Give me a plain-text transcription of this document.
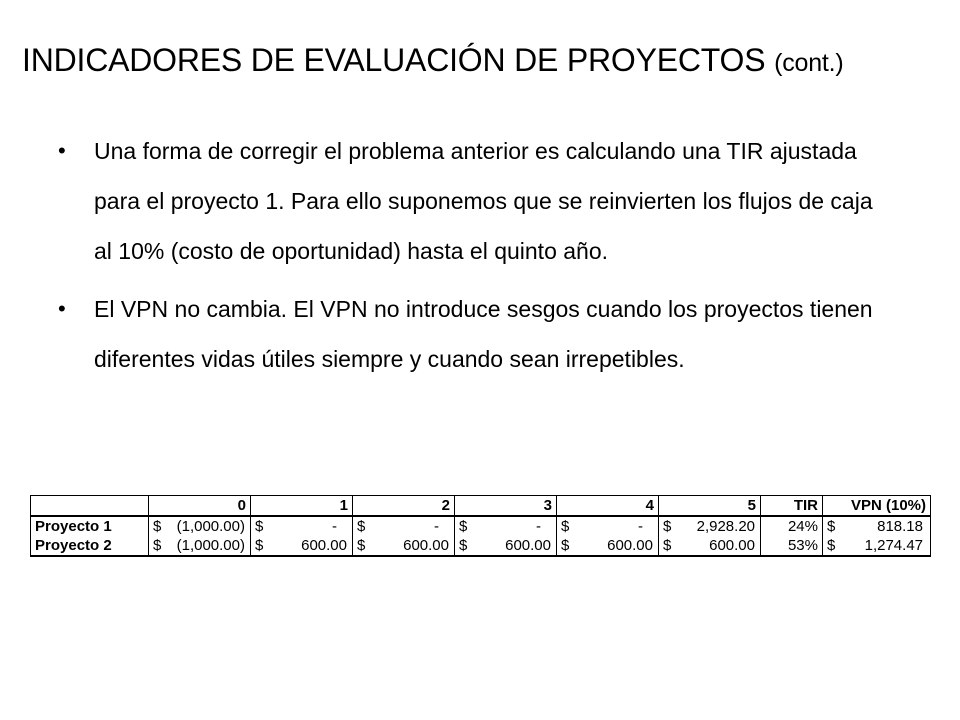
INDICADORES DE EVALUACIÓN DE PROYECTOS (cont.)
• Una forma de corregir el problema anterior es calculando una TIR ajustada para el proyecto 1. Para ello suponemos que se reinvierten los flujos de caja al 10% (costo de oportunidad) hasta el quinto año.
• El VPN no cambia. El VPN no introduce sesgos cuando los proyectos tienen diferentes vidas útiles siempre y cuando sean irrepetibles.
	0	1	2	3	4	5	TIR	VPN (10%)
Proyecto 1	$ (1,000.00)	$ -	$ -	$ -	$ -	$ 2,928.20	24%	$ 818.18
Proyecto 2	$ (1,000.00)	$ 600.00	$ 600.00	$ 600.00	$ 600.00	$ 600.00	53%	$ 1,274.47
